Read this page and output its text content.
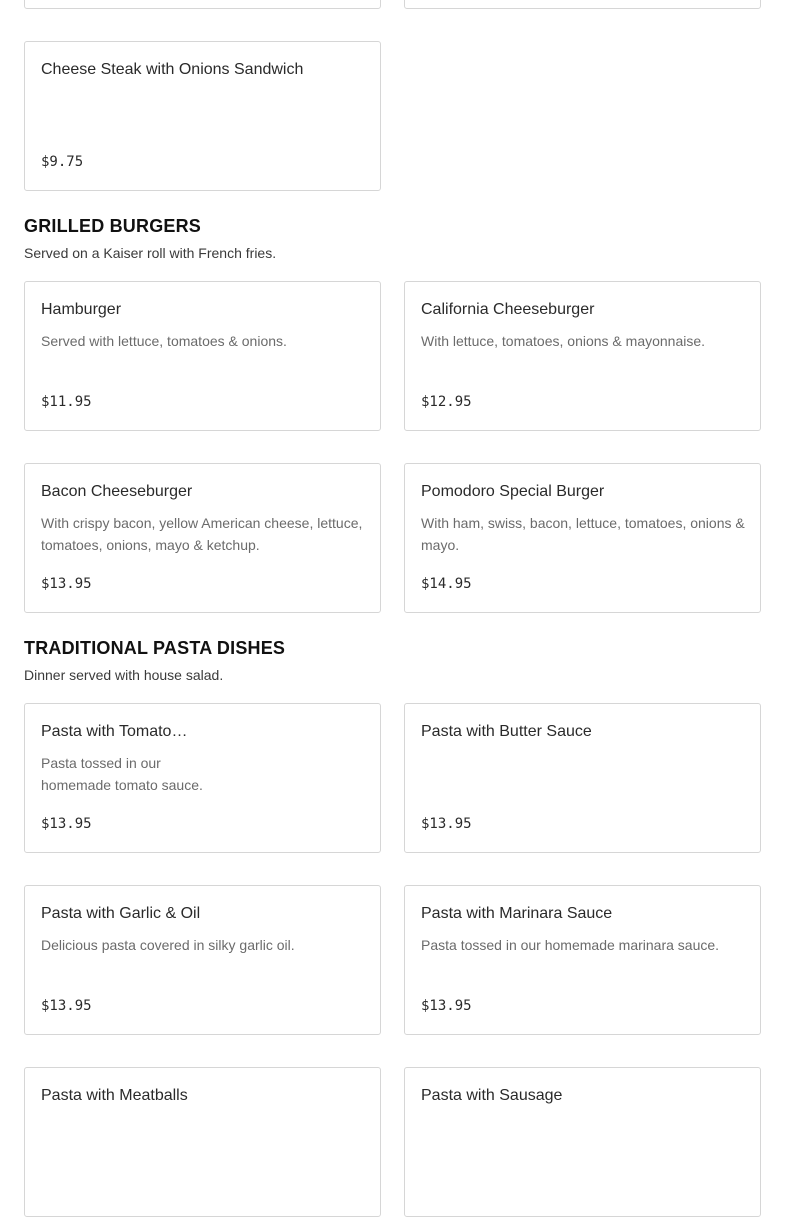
Cheese Steak with Onions Sandwich
$9.75
GRILLED BURGERS
Served on a Kaiser roll with French fries.
Hamburger
Served with lettuce, tomatoes & onions.
$11.95
California Cheeseburger
With lettuce, tomatoes, onions & mayonnaise.
$12.95
Bacon Cheeseburger
With crispy bacon, yellow American cheese, lettuce, tomatoes, onions, mayo & ketchup.
$13.95
Pomodoro Special Burger
With ham, swiss, bacon, lettuce, tomatoes, onions & mayo.
$14.95
TRADITIONAL PASTA DISHES
Dinner served with house salad.
Pasta with Tomato…
Pasta tossed in our homemade tomato sauce.
$13.95
Pasta with Butter Sauce
$13.95
Pasta with Garlic & Oil
Delicious pasta covered in silky garlic oil.
$13.95
Pasta with Marinara Sauce
Pasta tossed in our homemade marinara sauce.
$13.95
Pasta with Meatballs	Pasta with Sausage
